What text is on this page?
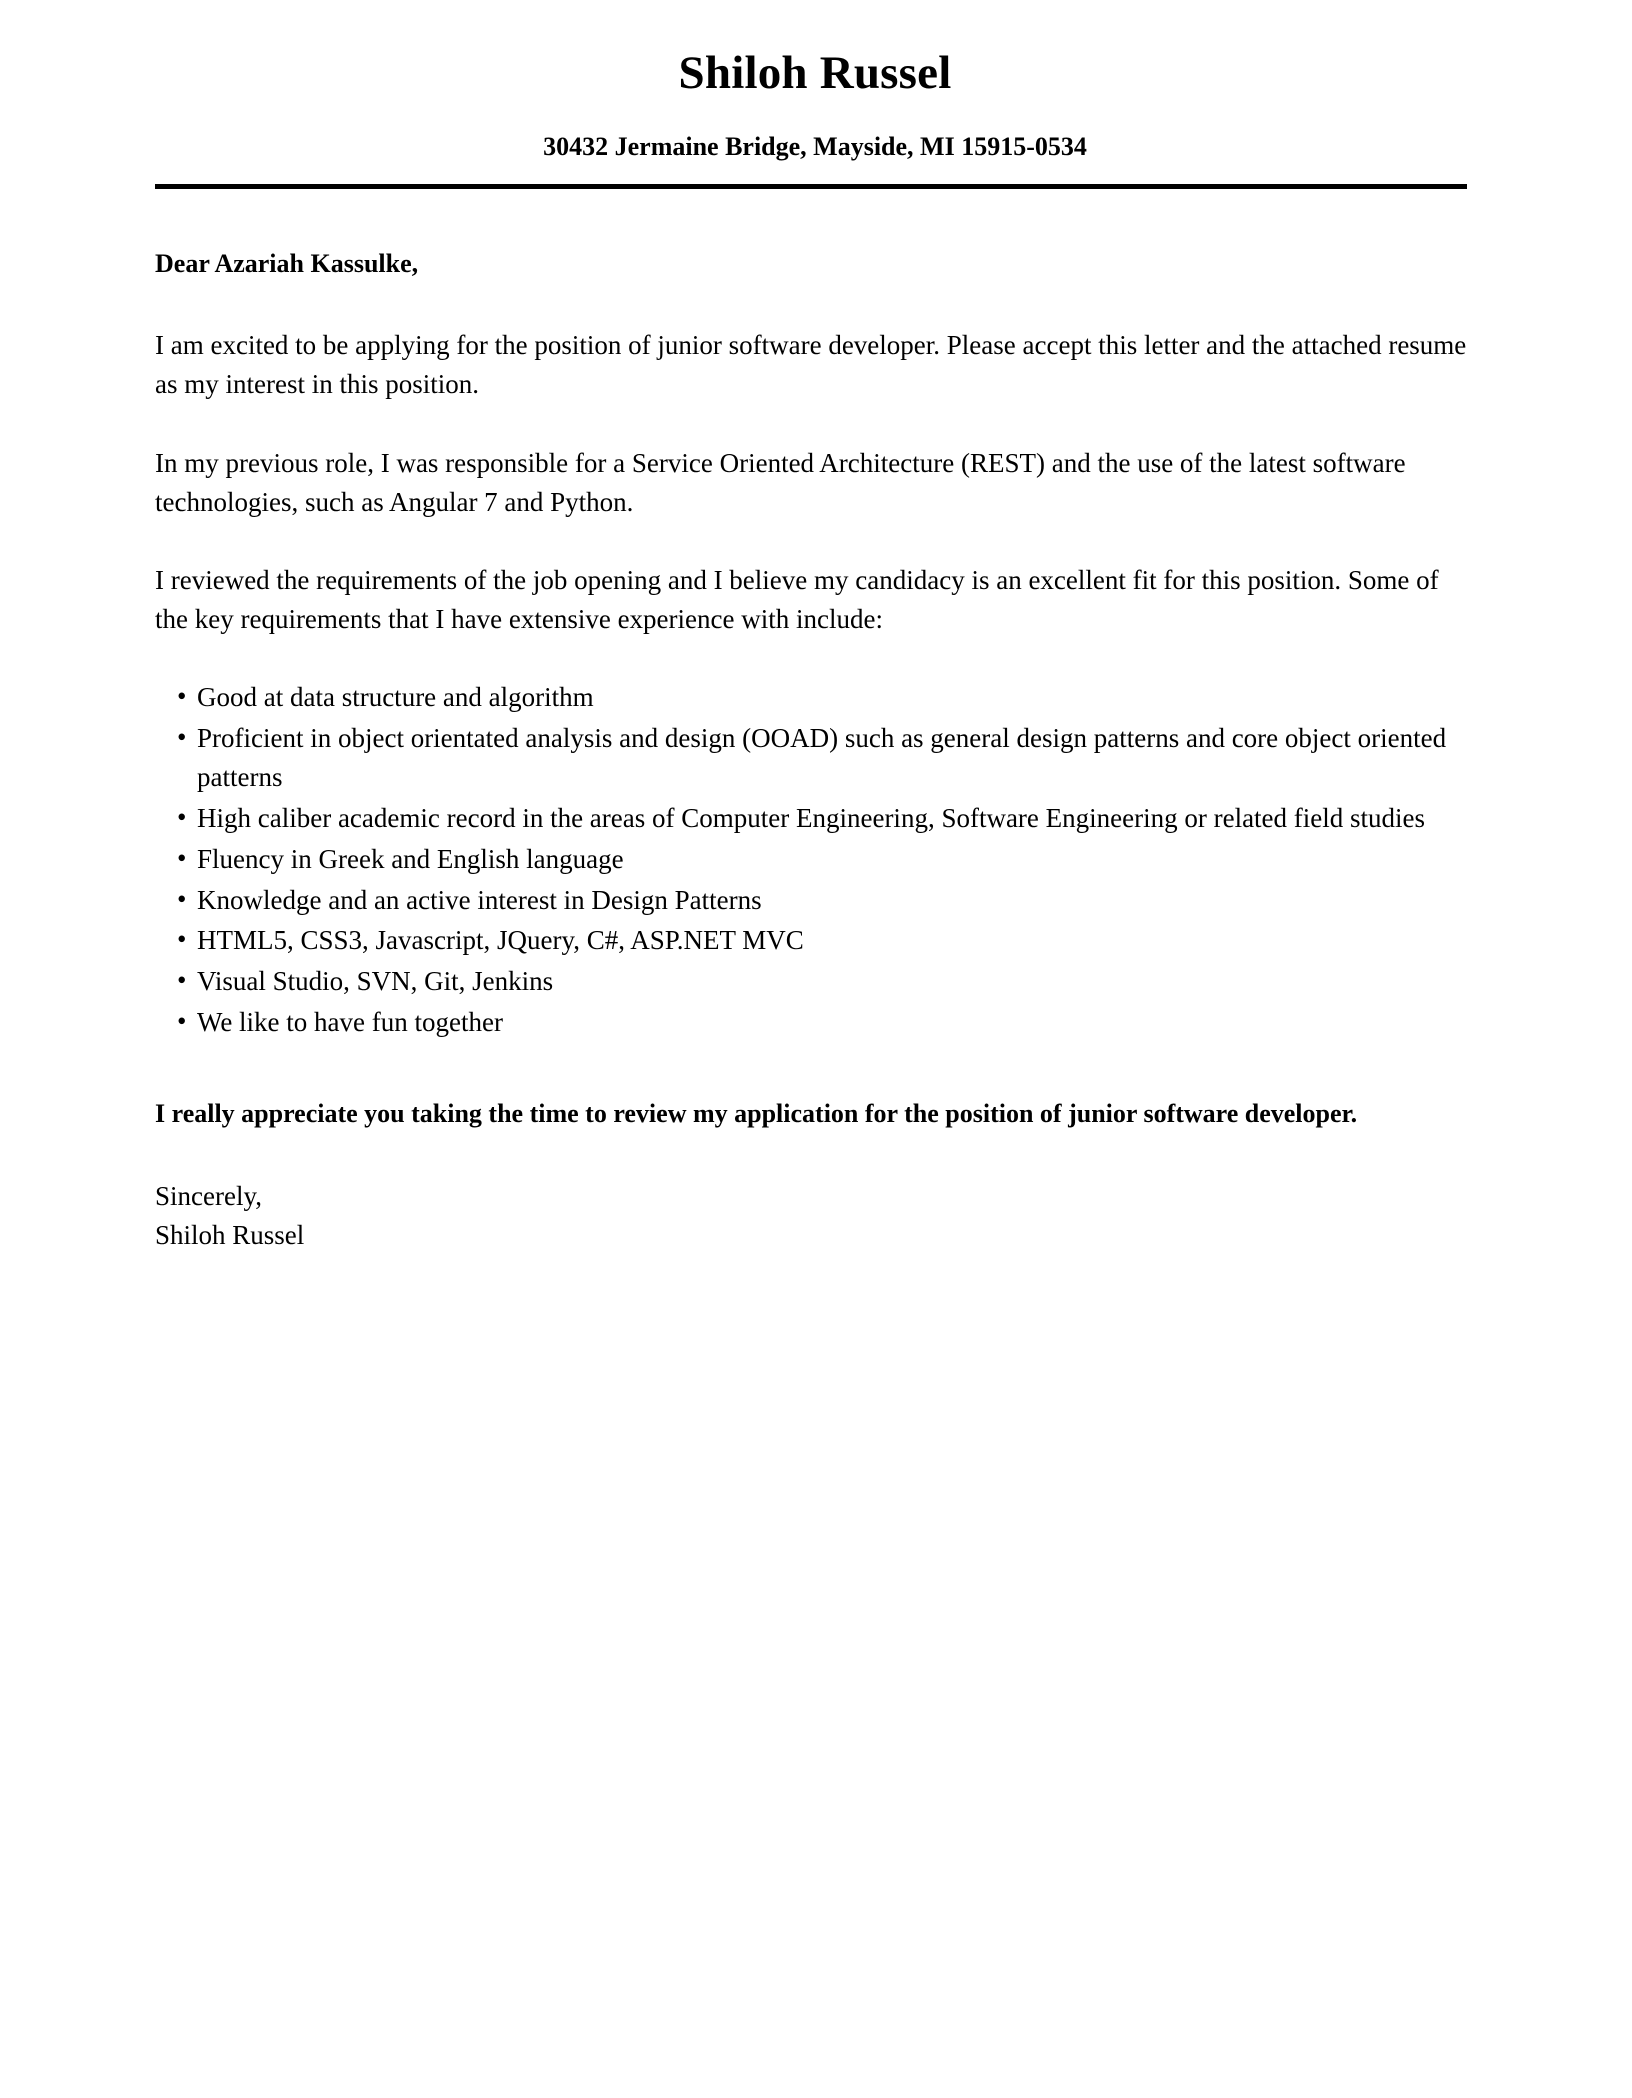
Shiloh Russel

30432 Jermaine Bridge, Mayside, MI 15915-0534

Dear Azariah Kassulke,

I am excited to be applying for the position of junior software developer. Please accept this letter and the attached resume as my interest in this position.

In my previous role, I was responsible for a Service Oriented Architecture (REST) and the use of the latest software technologies, such as Angular 7 and Python.

I reviewed the requirements of the job opening and I believe my candidacy is an excellent fit for this position. Some of the key requirements that I have extensive experience with include:

• Good at data structure and algorithm
• Proficient in object orientated analysis and design (OOAD) such as general design patterns and core object oriented patterns
• High caliber academic record in the areas of Computer Engineering, Software Engineering or related field studies
• Fluency in Greek and English language
• Knowledge and an active interest in Design Patterns
• HTML5, CSS3, Javascript, JQuery, C#, ASP.NET MVC
• Visual Studio, SVN, Git, Jenkins
• We like to have fun together

I really appreciate you taking the time to review my application for the position of junior software developer.

Sincerely,

Shiloh Russel
